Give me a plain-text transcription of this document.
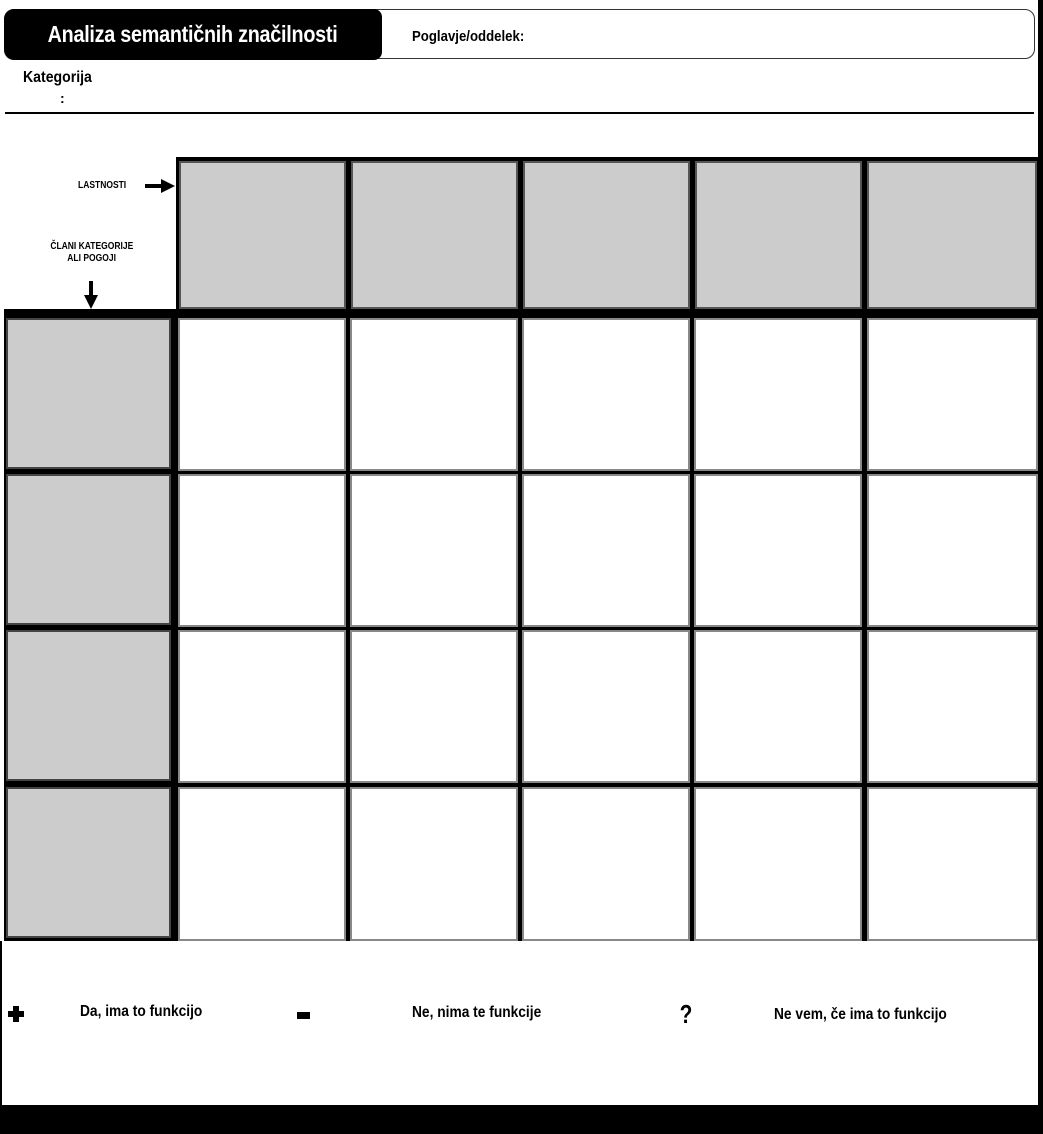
Analiza semantičnih značilnosti	Poglavje/oddelek:
Kategorija
:
LASTNOSTI
ČLANI KATEGORIJE
ALI POGOJI
Da, ima to funkcijo	Ne, nima te funkcije	?	Ne vem, če ima to funkcijo
